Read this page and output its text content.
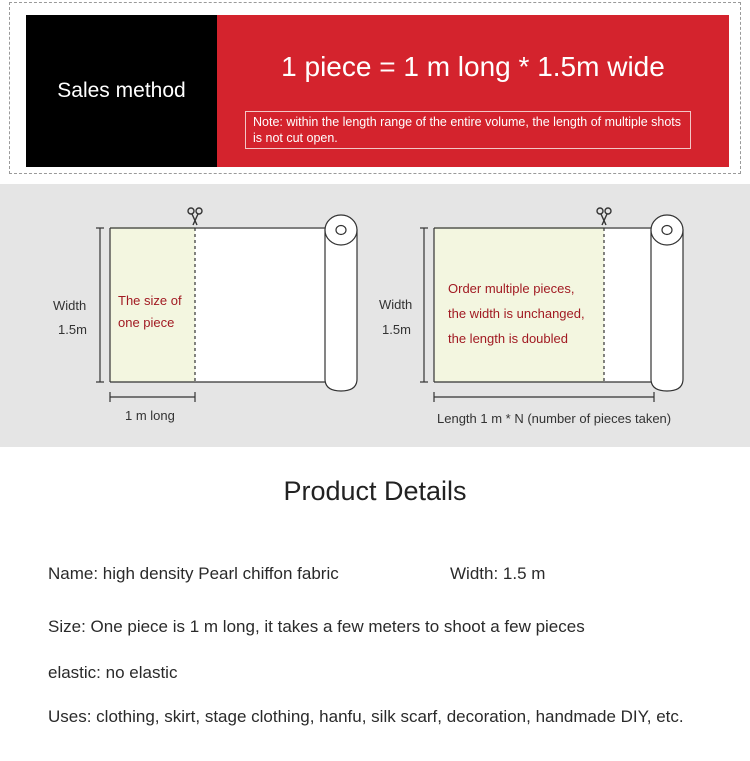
Sales method
1 piece = 1 m long * 1.5m wide
Note: within the length range of the entire volume, the length of multiple shots is not cut open.
Width
1.5m
The size of
one piece
1 m long
Width
1.5m
Order multiple pieces,
the width is unchanged,
the length is doubled
Length 1 m * N (number of pieces taken)
Product Details
Name: high density Pearl chiffon fabric	Width: 1.5 m
Size: One piece is 1 m long, it takes a few meters to shoot a few pieces
elastic: no elastic
Uses: clothing, skirt, stage clothing, hanfu, silk scarf, decoration, handmade DIY, etc.
